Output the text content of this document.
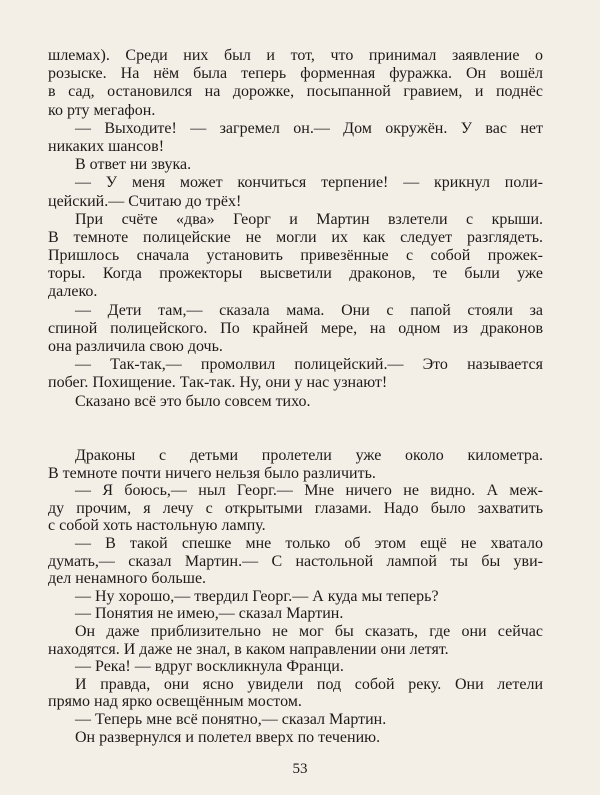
шлемах). Среди них был и тот, что принимал заявление о
розыске. На нём была теперь форменная фуражка. Он вошёл
в сад, остановился на дорожке, посыпанной гравием, и поднёс
ко рту мегафон.
— Выходите! — загремел он.— Дом окружён. У вас нет
никаких шансов!
В ответ ни звука.
— У меня может кончиться терпение! — крикнул поли-
цейский.— Считаю до трёх!
При счёте «два» Георг и Мартин взлетели с крыши.
В темноте полицейские не могли их как следует разглядеть.
Пришлось сначала установить привезённые с собой прожек-
торы. Когда прожекторы высветили драконов, те были уже
далеко.
— Дети там,— сказала мама. Они с папой стояли за
спиной полицейского. По крайней мере, на одном из драконов
она различила свою дочь.
— Так-так,— промолвил полицейский.— Это называется
побег. Похищение. Так-так. Ну, они у нас узнают!
Сказано всё это было совсем тихо.
Драконы с детьми пролетели уже около километра.
В темноте почти ничего нельзя было различить.
— Я боюсь,— ныл Георг.— Мне ничего не видно. А меж-
ду прочим, я лечу с открытыми глазами. Надо было захватить
с собой хоть настольную лампу.
— В такой спешке мне только об этом ещё не хватало
думать,— сказал Мартин.— С настольной лампой ты бы уви-
дел ненамного больше.
— Ну хорошо,— твердил Георг.— А куда мы теперь?
— Понятия не имею,— сказал Мартин.
Он даже приблизительно не мог бы сказать, где они сейчас
находятся. И даже не знал, в каком направлении они летят.
— Река! — вдруг воскликнула Франци.
И правда, они ясно увидели под собой реку. Они летели
прямо над ярко освещённым мостом.
— Теперь мне всё понятно,— сказал Мартин.
Он развернулся и полетел вверх по течению.
53
